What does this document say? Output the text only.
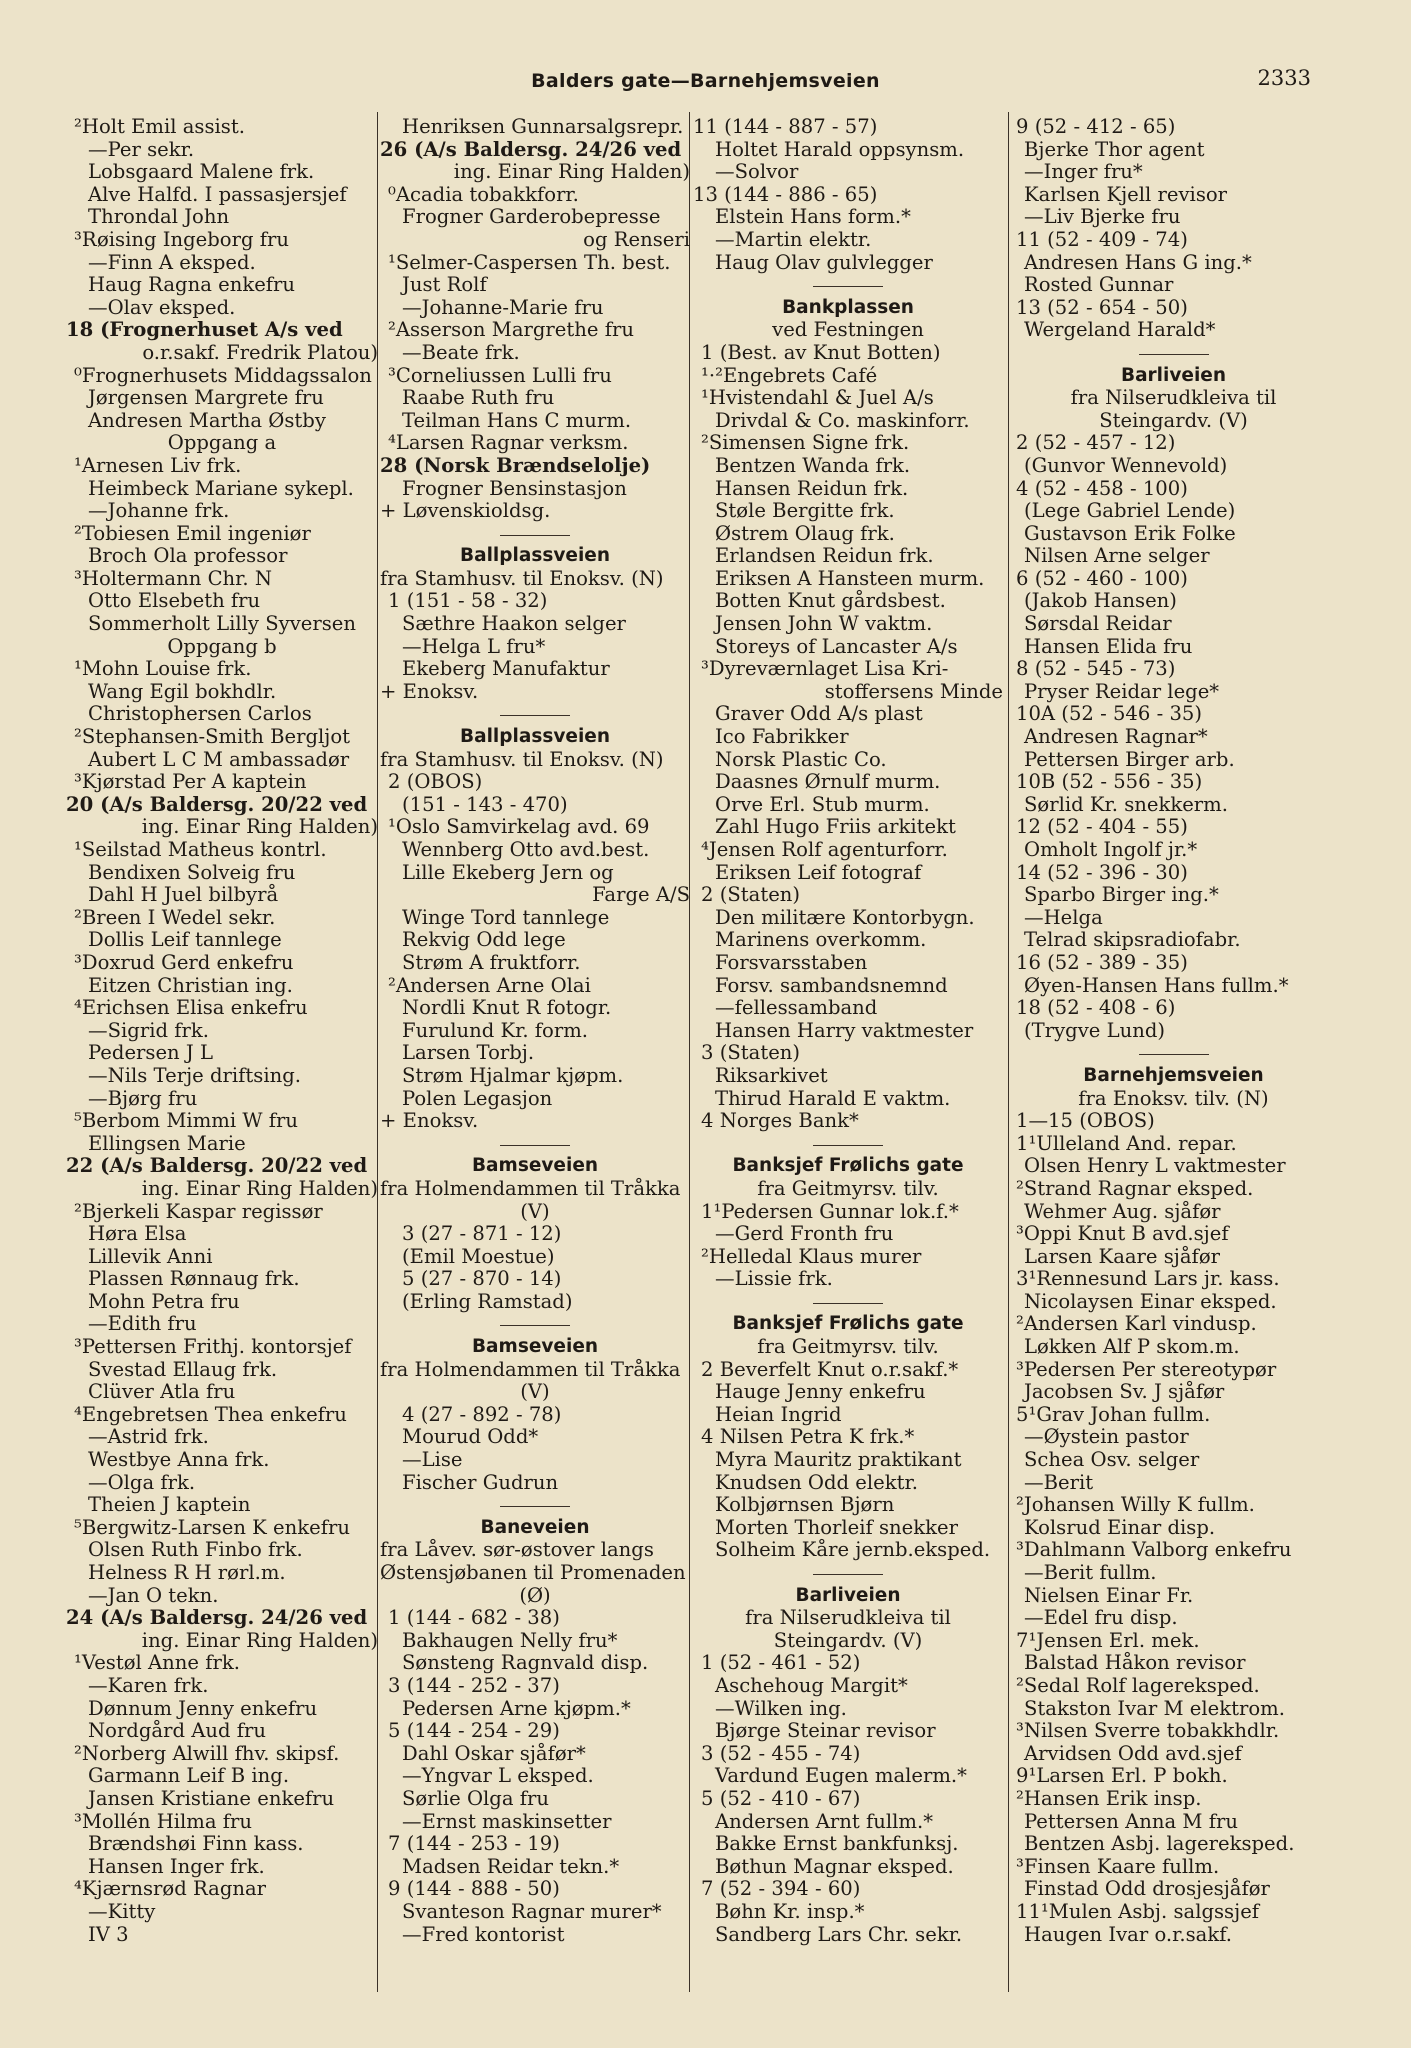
Balders gate—Barnehjemsveien	2333
²Holt Emil assist.
—Per sekr.
Lobsgaard Malene frk.
Alve Halfd. I passasjersjef
Throndal John
³Røising Ingeborg fru
—Finn A eksped.
Haug Ragna enkefru
—Olav eksped.
18 (Frognerhuset A/s ved
o.r.sakf. Fredrik Platou)
⁰Frognerhusets Middagssalon
Jørgensen Margrete fru
Andresen Martha Østby
Oppgang a
¹Arnesen Liv frk.
Heimbeck Mariane sykepl.
—Johanne frk.
²Tobiesen Emil ingeniør
Broch Ola professor
³Holtermann Chr. N
Otto Elsebeth fru
Sommerholt Lilly Syversen
Oppgang b
¹Mohn Louise frk.
Wang Egil bokhdlr.
Christophersen Carlos
²Stephansen-Smith Bergljot
Aubert L C M ambassadør
³Kjørstad Per A kaptein
20 (A/s Baldersg. 20/22 ved
ing. Einar Ring Halden)
¹Seilstad Matheus kontrl.
Bendixen Solveig fru
Dahl H Juel bilbyrå
²Breen I Wedel sekr.
Dollis Leif tannlege
³Doxrud Gerd enkefru
Eitzen Christian ing.
⁴Erichsen Elisa enkefru
—Sigrid frk.
Pedersen J L
—Nils Terje driftsing.
—Bjørg fru
⁵Berbom Mimmi W fru
Ellingsen Marie
22 (A/s Baldersg. 20/22 ved
ing. Einar Ring Halden)
²Bjerkeli Kaspar regissør
Høra Elsa
Lillevik Anni
Plassen Rønnaug frk.
Mohn Petra fru
—Edith fru
³Pettersen Frithj. kontorsjef
Svestad Ellaug frk.
Clüver Atla fru
⁴Engebretsen Thea enkefru
—Astrid frk.
Westbye Anna frk.
—Olga frk.
Theien J kaptein
⁵Bergwitz-Larsen K enkefru
Olsen Ruth Finbo frk.
Helness R H rørl.m.
—Jan O tekn.
24 (A/s Baldersg. 24/26 ved
ing. Einar Ring Halden)
¹Vestøl Anne frk.
—Karen frk.
Dønnum Jenny enkefru
Nordgård Aud fru
²Norberg Alwill fhv. skipsf.
Garmann Leif B ing.
Jansen Kristiane enkefru
³Mollén Hilma fru
Brændshøi Finn kass.
Hansen Inger frk.
⁴Kjærnsrød Ragnar
—Kitty
IV 3
Henriksen Gunnarsalgsrepr.
26 (A/s Baldersg. 24/26 ved
ing. Einar Ring Halden)
⁰Acadia tobakkforr.
Frogner Garderobepresse
og Renseri
¹Selmer-Caspersen Th. best.
Just Rolf
—Johanne-Marie fru
²Asserson Margrethe fru
—Beate frk.
³Corneliussen Lulli fru
Raabe Ruth fru
Teilman Hans C murm.
⁴Larsen Ragnar verksm.
28 (Norsk Brændselolje)
Frogner Bensinstasjon
+ Løvenskioldsg.
Ballplassveien
fra Stamhusv. til Enoksv. (N)
1 (151 - 58 - 32)
Sæthre Haakon selger
—Helga L fru*
Ekeberg Manufaktur
+ Enoksv.
Ballplassveien
fra Stamhusv. til Enoksv. (N)
2 (OBOS)
(151 - 143 - 470)
¹Oslo Samvirkelag avd. 69
Wennberg Otto avd.best.
Lille Ekeberg Jern og
Farge A/S
Winge Tord tannlege
Rekvig Odd lege
Strøm A fruktforr.
²Andersen Arne Olai
Nordli Knut R fotogr.
Furulund Kr. form.
Larsen Torbj.
Strøm Hjalmar kjøpm.
Polen Legasjon
+ Enoksv.
Bamseveien
fra Holmendammen til Tråkka
(V)
3 (27 - 871 - 12)
(Emil Moestue)
5 (27 - 870 - 14)
(Erling Ramstad)
Bamseveien
fra Holmendammen til Tråkka
(V)
4 (27 - 892 - 78)
Mourud Odd*
—Lise
Fischer Gudrun
Baneveien
fra Låvev. sør-østover langs
Østensjøbanen til Promenaden
(Ø)
1 (144 - 682 - 38)
Bakhaugen Nelly fru*
Sønsteng Ragnvald disp.
3 (144 - 252 - 37)
Pedersen Arne kjøpm.*
5 (144 - 254 - 29)
Dahl Oskar sjåfør*
—Yngvar L eksped.
Sørlie Olga fru
—Ernst maskinsetter
7 (144 - 253 - 19)
Madsen Reidar tekn.*
9 (144 - 888 - 50)
Svanteson Ragnar murer*
—Fred kontorist
11 (144 - 887 - 57)
Holtet Harald oppsynsm.
—Solvor
13 (144 - 886 - 65)
Elstein Hans form.*
—Martin elektr.
Haug Olav gulvlegger
Bankplassen
ved Festningen
1 (Best. av Knut Botten)
¹·²Engebrets Café
¹Hvistendahl & Juel A/s
Drivdal & Co. maskinforr.
²Simensen Signe frk.
Bentzen Wanda frk.
Hansen Reidun frk.
Støle Bergitte frk.
Østrem Olaug frk.
Erlandsen Reidun frk.
Eriksen A Hansteen murm.
Botten Knut gårdsbest.
Jensen John W vaktm.
Storeys of Lancaster A/s
³Dyreværnlaget Lisa Kri-
stoffersens Minde
Graver Odd A/s plast
Ico Fabrikker
Norsk Plastic Co.
Daasnes Ørnulf murm.
Orve Erl. Stub murm.
Zahl Hugo Friis arkitekt
⁴Jensen Rolf agenturforr.
Eriksen Leif fotograf
2 (Staten)
Den militære Kontorbygn.
Marinens overkomm.
Forsvarsstaben
Forsv. sambandsnemnd
—fellessamband
Hansen Harry vaktmester
3 (Staten)
Riksarkivet
Thirud Harald E vaktm.
4 Norges Bank*
Banksjef Frølichs gate
fra Geitmyrsv. tilv.
1¹Pedersen Gunnar lok.f.*
—Gerd Fronth fru
²Helledal Klaus murer
—Lissie frk.
Banksjef Frølichs gate
fra Geitmyrsv. tilv.
2 Beverfelt Knut o.r.sakf.*
Hauge Jenny enkefru
Heian Ingrid
4 Nilsen Petra K frk.*
Myra Mauritz praktikant
Knudsen Odd elektr.
Kolbjørnsen Bjørn
Morten Thorleif snekker
Solheim Kåre jernb.eksped.
Barliveien
fra Nilserudkleiva til
Steingardv. (V)
1 (52 - 461 - 52)
Aschehoug Margit*
—Wilken ing.
Bjørge Steinar revisor
3 (52 - 455 - 74)
Vardund Eugen malerm.*
5 (52 - 410 - 67)
Andersen Arnt fullm.*
Bakke Ernst bankfunksj.
Bøthun Magnar eksped.
7 (52 - 394 - 60)
Bøhn Kr. insp.*
Sandberg Lars Chr. sekr.
9 (52 - 412 - 65)
Bjerke Thor agent
—Inger fru*
Karlsen Kjell revisor
—Liv Bjerke fru
11 (52 - 409 - 74)
Andresen Hans G ing.*
Rosted Gunnar
13 (52 - 654 - 50)
Wergeland Harald*
Barliveien
fra Nilserudkleiva til
Steingardv. (V)
2 (52 - 457 - 12)
(Gunvor Wennevold)
4 (52 - 458 - 100)
(Lege Gabriel Lende)
Gustavson Erik Folke
Nilsen Arne selger
6 (52 - 460 - 100)
(Jakob Hansen)
Sørsdal Reidar
Hansen Elida fru
8 (52 - 545 - 73)
Pryser Reidar lege*
10A (52 - 546 - 35)
Andresen Ragnar*
Pettersen Birger arb.
10B (52 - 556 - 35)
Sørlid Kr. snekkerm.
12 (52 - 404 - 55)
Omholt Ingolf jr.*
14 (52 - 396 - 30)
Sparbo Birger ing.*
—Helga
Telrad skipsradiofabr.
16 (52 - 389 - 35)
Øyen-Hansen Hans fullm.*
18 (52 - 408 - 6)
(Trygve Lund)
Barnehjemsveien
fra Enoksv. tilv. (N)
1—15 (OBOS)
1¹Ulleland And. repar.
Olsen Henry L vaktmester
²Strand Ragnar eksped.
Wehmer Aug. sjåfør
³Oppi Knut B avd.sjef
Larsen Kaare sjåfør
3¹Rennesund Lars jr. kass.
Nicolaysen Einar eksped.
²Andersen Karl vindusp.
Løkken Alf P skom.m.
³Pedersen Per stereotypør
Jacobsen Sv. J sjåfør
5¹Grav Johan fullm.
—Øystein pastor
Schea Osv. selger
—Berit
²Johansen Willy K fullm.
Kolsrud Einar disp.
³Dahlmann Valborg enkefru
—Berit fullm.
Nielsen Einar Fr.
—Edel fru disp.
7¹Jensen Erl. mek.
Balstad Håkon revisor
²Sedal Rolf lagereksped.
Stakston Ivar M elektrom.
³Nilsen Sverre tobakkhdlr.
Arvidsen Odd avd.sjef
9¹Larsen Erl. P bokh.
²Hansen Erik insp.
Pettersen Anna M fru
Bentzen Asbj. lagereksped.
³Finsen Kaare fullm.
Finstad Odd drosjesjåfør
11¹Mulen Asbj. salgssjef
Haugen Ivar o.r.sakf.
